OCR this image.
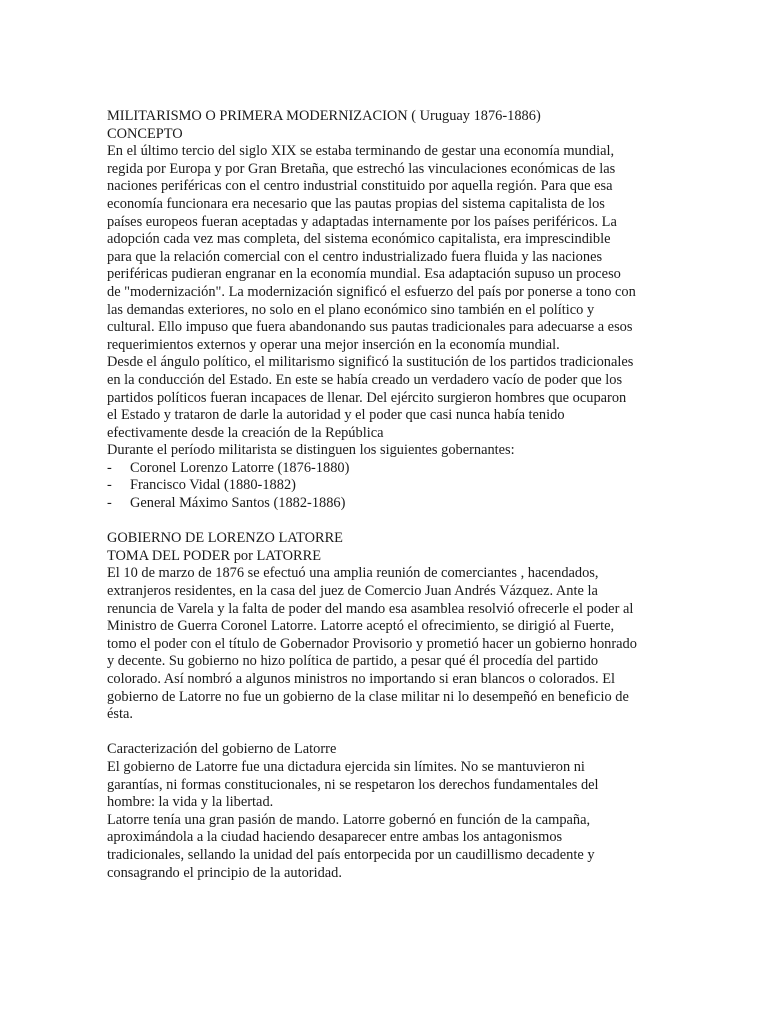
MILITARISMO O PRIMERA MODERNIZACION ( Uruguay 1876-1886)
CONCEPTO
En el último tercio del siglo XIX se estaba terminando de gestar una economía mundial,
regida por Europa y por Gran Bretaña, que estrechó las vinculaciones económicas de las
naciones periféricas con el centro industrial constituido por aquella región. Para que esa
economía funcionara era necesario que las pautas propias del sistema capitalista de los
países europeos fueran aceptadas y adaptadas internamente por los países periféricos. La
adopción cada vez mas completa, del sistema económico capitalista, era imprescindible
para que la relación comercial con el centro industrializado fuera fluida y las naciones
periféricas pudieran engranar en la economía mundial. Esa adaptación supuso un proceso
de "modernización". La modernización significó el esfuerzo del país por ponerse a tono con
las demandas exteriores, no solo en el plano económico sino también en el político y
cultural. Ello impuso que fuera abandonando sus pautas tradicionales para adecuarse a esos
requerimientos externos y operar una mejor inserción en la economía mundial.
Desde el ángulo político, el militarismo significó la sustitución de los partidos tradicionales
en la conducción del Estado. En este se había creado un verdadero vacío de poder que los
partidos políticos fueran incapaces de llenar. Del ejército surgieron hombres que ocuparon
el Estado y trataron de darle la autoridad y el poder que casi nunca había tenido
efectivamente desde la creación de la República
Durante el período militarista se distinguen los siguientes gobernantes:
-	Coronel Lorenzo Latorre (1876-1880)
-	Francisco Vidal (1880-1882)
-	General Máximo Santos (1882-1886)
GOBIERNO DE LORENZO LATORRE
TOMA DEL PODER por LATORRE
El 10 de marzo de 1876 se efectuó una amplia reunión de comerciantes , hacendados,
extranjeros residentes, en la casa del juez de Comercio Juan Andrés Vázquez. Ante la
renuncia de Varela y la falta de poder del mando esa asamblea resolvió ofrecerle el poder al
Ministro de Guerra Coronel Latorre. Latorre aceptó el ofrecimiento, se dirigió al Fuerte,
tomo el poder con el título de Gobernador Provisorio y prometió hacer un gobierno honrado
y decente. Su gobierno no hizo política de partido, a pesar qué él procedía del partido
colorado. Así nombró a algunos ministros no importando si eran blancos o colorados. El
gobierno de Latorre no fue un gobierno de la clase militar ni lo desempeñó en beneficio de
ésta.
Caracterización del gobierno de Latorre
El gobierno de Latorre fue una dictadura ejercida sin límites. No se mantuvieron ni
garantías, ni formas constitucionales, ni se respetaron los derechos fundamentales del
hombre: la vida y la libertad.
Latorre tenía una gran pasión de mando. Latorre gobernó en función de la campaña,
aproximándola a la ciudad haciendo desaparecer entre ambas los antagonismos
tradicionales, sellando la unidad del país entorpecida por un caudillismo decadente y
consagrando el principio de la autoridad.
